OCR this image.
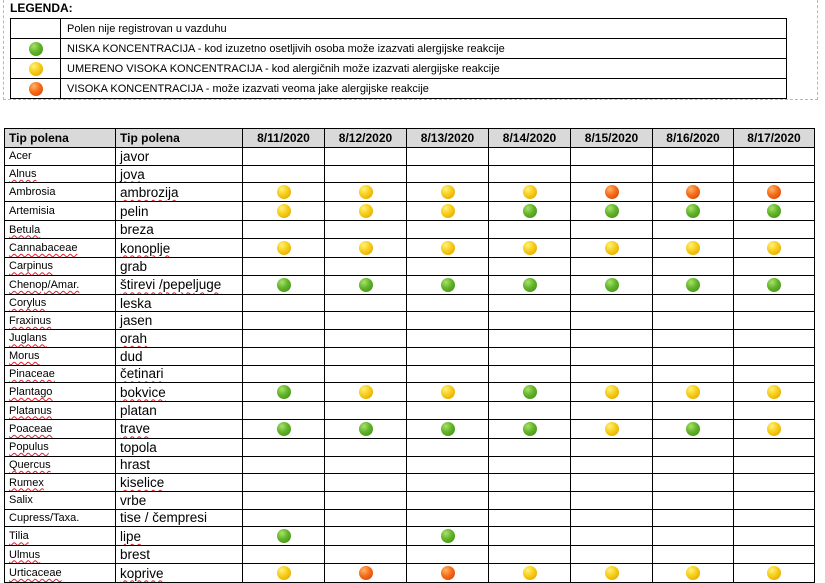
LEGENDA:
	Polen nije registrovan u vazduhu
	NISKA KONCENTRACIJA - kod izuzetno osetljivih osoba može izazvati alergijske reakcije
	UMERENO VISOKA KONCENTRACIJA - kod alergičnih može izazvati alergijske reakcije
	VISOKA KONCENTRACIJA - može izazvati veoma jake alergijske reakcije
Tip polena	Tip polena	8/11/2020	8/12/2020	8/13/2020	8/14/2020	8/15/2020	8/16/2020	8/17/2020
Acer	javor							
Alnus	jova							
Ambrosia	ambrozija							
Artemisia	pelin							
Betula	breza							
Cannabaceae	konoplje							
Carpinus	grab							
Chenop/Amar.	štirevi /pepeljuge							
Corylus	leska							
Fraxinus	jasen							
Juglans	orah							
Morus	dud							
Pinaceae	četinari							
Plantago	bokvice							
Platanus	platan							
Poaceae	trave							
Populus	topola							
Quercus	hrast							
Rumex	kiselice							
Salix	vrbe							
Cupress/Taxa.	tise / čempresi							
Tilia	lipe							
Ulmus	brest							
Urticaceae	koprive							
